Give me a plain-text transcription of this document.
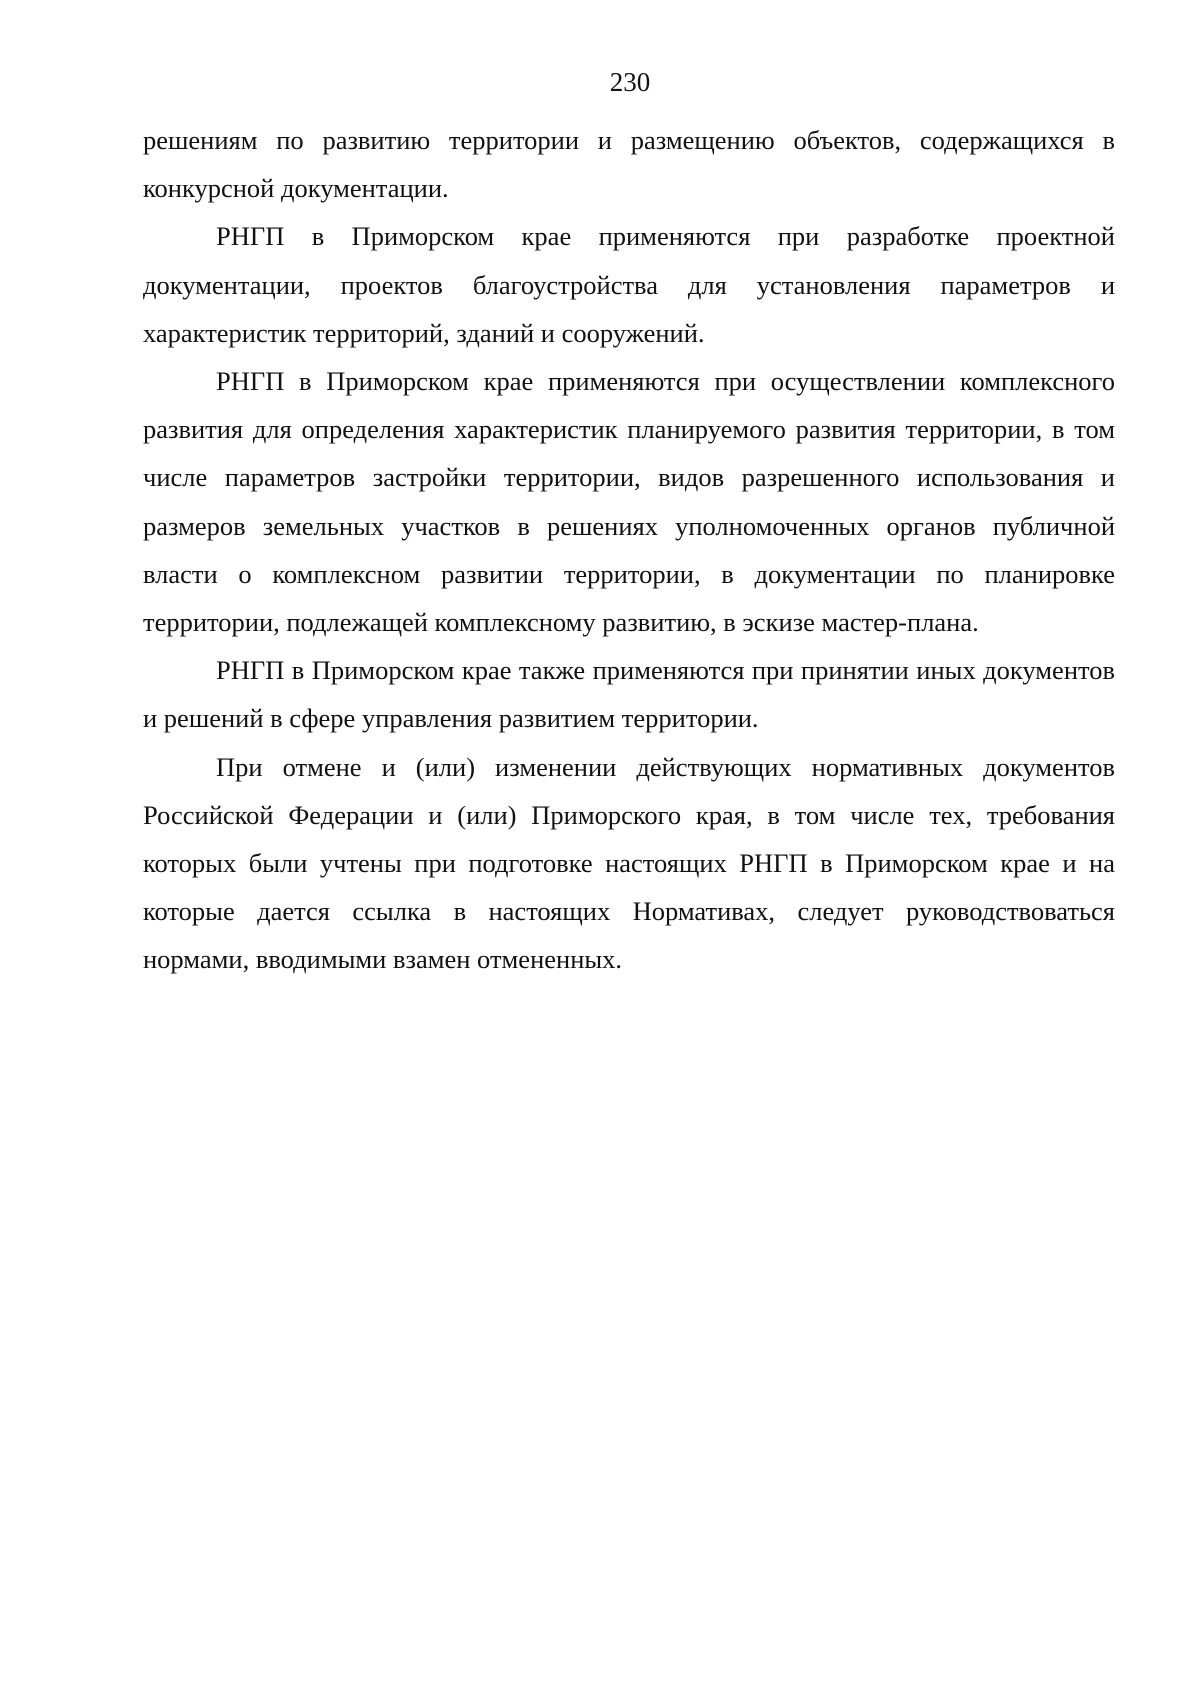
230

решениям по развитию территории и размещению объектов, содержащихся в конкурсной документации.

РНГП в Приморском крае применяются при разработке проектной документации, проектов благоустройства для установления параметров и характеристик территорий, зданий и сооружений.

РНГП в Приморском крае применяются при осуществлении комплексного развития для определения характеристик планируемого развития территории, в том числе параметров застройки территории, видов разрешенного использования и размеров земельных участков в решениях уполномоченных органов публичной власти о комплексном развитии территории, в документации по планировке территории, подлежащей комплексному развитию, в эскизе мастер-плана.

РНГП в Приморском крае также применяются при принятии иных документов и решений в сфере управления развитием территории.

При отмене и (или) изменении действующих нормативных документов Российской Федерации и (или) Приморского края, в том числе тех, требования которых были учтены при подготовке настоящих РНГП в Приморском крае и на которые дается ссылка в настоящих Нормативах, следует руководствоваться нормами, вводимыми взамен отмененных.
